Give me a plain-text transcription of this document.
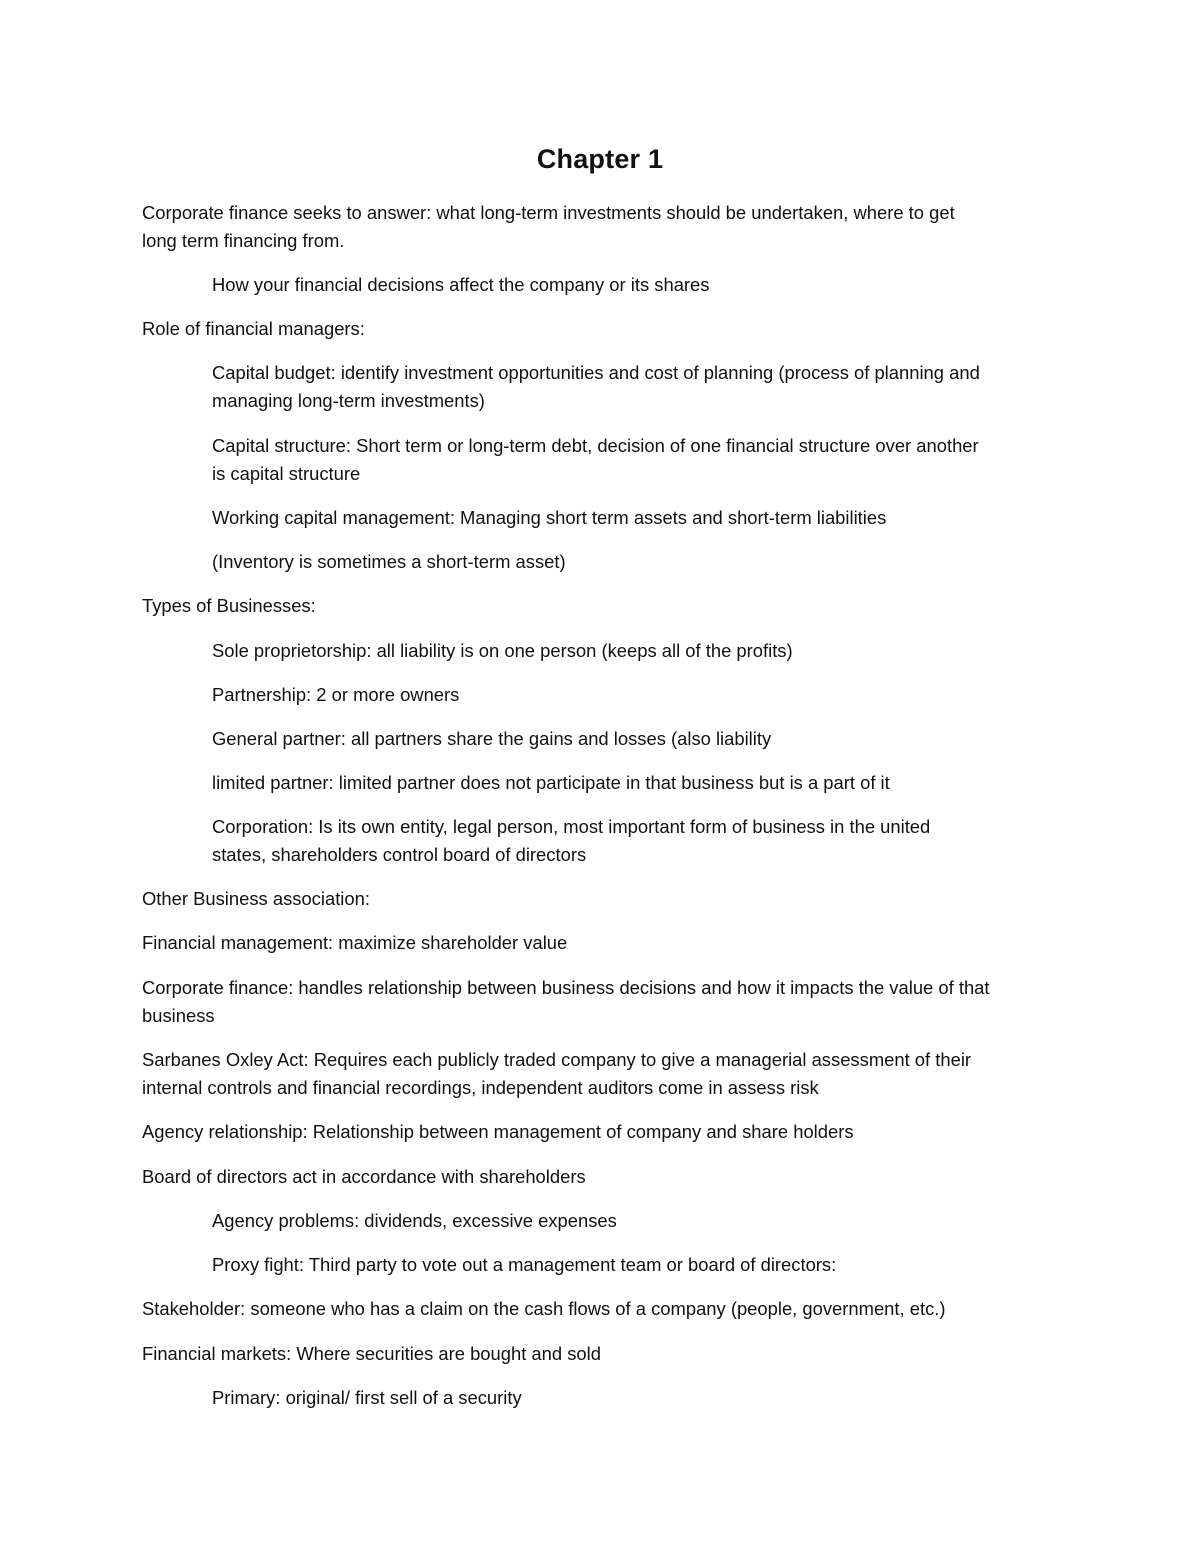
Chapter 1
Corporate finance seeks to answer: what long-term investments should be undertaken, where to get
long term financing from.
How your financial decisions affect the company or its shares
Role of financial managers:
Capital budget: identify investment opportunities and cost of planning (process of planning and
managing long-term investments)
Capital structure: Short term or long-term debt, decision of one financial structure over another
is capital structure
Working capital management: Managing short term assets and short-term liabilities
(Inventory is sometimes a short-term asset)
Types of Businesses:
Sole proprietorship: all liability is on one person (keeps all of the profits)
Partnership: 2 or more owners
General partner: all partners share the gains and losses (also liability
limited partner: limited partner does not participate in that business but is a part of it
Corporation: Is its own entity, legal person, most important form of business in the united
states, shareholders control board of directors
Other Business association:
Financial management: maximize shareholder value
Corporate finance: handles relationship between business decisions and how it impacts the value of that
business
Sarbanes Oxley Act: Requires each publicly traded company to give a managerial assessment of their
internal controls and financial recordings, independent auditors come in assess risk
Agency relationship: Relationship between management of company and share holders
Board of directors act in accordance with shareholders
Agency problems: dividends, excessive expenses
Proxy fight: Third party to vote out a management team or board of directors:
Stakeholder: someone who has a claim on the cash flows of a company (people, government, etc.)
Financial markets: Where securities are bought and sold
Primary: original/ first sell of a security
